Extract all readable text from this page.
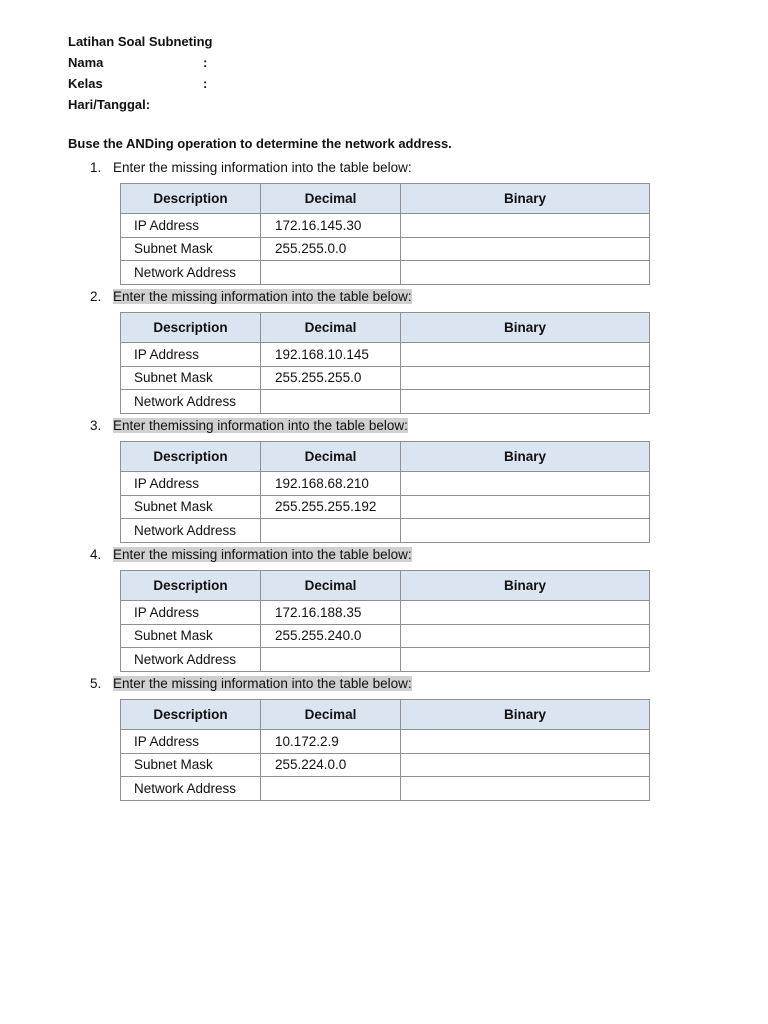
Latihan Soal Subneting
Nama	:
Kelas	:
Hari/Tanggal:
Buse the ANDing operation to determine the network address.
1. Enter the missing information into the table below:
Description	Decimal	Binary
IP Address	172.16.145.30	
Subnet Mask	255.255.0.0	
Network Address		
2. Enter the missing information into the table below:
Description	Decimal	Binary
IP Address	192.168.10.145	
Subnet Mask	255.255.255.0	
Network Address		
3. Enter themissing information into the table below:
Description	Decimal	Binary
IP Address	192.168.68.210	
Subnet Mask	255.255.255.192	
Network Address		
4. Enter the missing information into the table below:
Description	Decimal	Binary
IP Address	172.16.188.35	
Subnet Mask	255.255.240.0	
Network Address		
5. Enter the missing information into the table below:
Description	Decimal	Binary
IP Address	10.172.2.9	
Subnet Mask	255.224.0.0	
Network Address		
